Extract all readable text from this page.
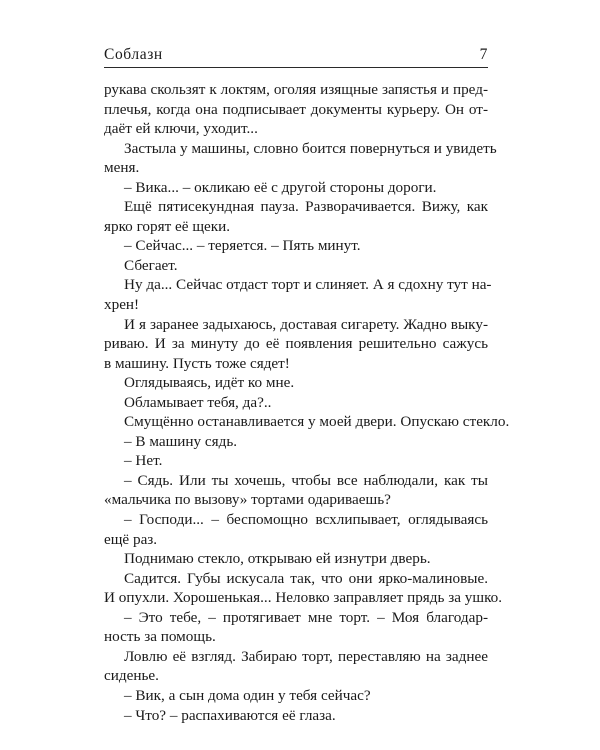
Соблазн	7
рукава скользят к локтям, оголяя изящные запястья и пред-
плечья, когда она подписывает документы курьеру. Он от-
даёт ей ключи, уходит...
Застыла у машины, словно боится повернуться и увидеть
меня.
– Вика... – окликаю её с другой стороны дороги.
Ещё пятисекундная пауза. Разворачивается. Вижу, как
ярко горят её щеки.
– Сейчас... – теряется. – Пять минут.
Сбегает.
Ну да... Сейчас отдаст торт и слиняет. А я сдохну тут на-
хрен!
И я заранее задыхаюсь, доставая сигарету. Жадно выку-
риваю. И за минуту до её появления решительно сажусь
в машину. Пусть тоже сядет!
Оглядываясь, идёт ко мне.
Обламывает тебя, да?..
Смущённо останавливается у моей двери. Опускаю стекло.
– В машину сядь.
– Нет.
– Сядь. Или ты хочешь, чтобы все наблюдали, как ты
«мальчика по вызову» тортами одариваешь?
– Господи... – беспомощно всхлипывает, оглядываясь
ещё раз.
Поднимаю стекло, открываю ей изнутри дверь.
Садится. Губы искусала так, что они ярко-малиновые.
И опухли. Хорошенькая... Неловко заправляет прядь за ушко.
– Это тебе, – протягивает мне торт. – Моя благодар-
ность за помощь.
Ловлю её взгляд. Забираю торт, переставляю на заднее
сиденье.
– Вик, а сын дома один у тебя сейчас?
– Что? – распахиваются её глаза.
